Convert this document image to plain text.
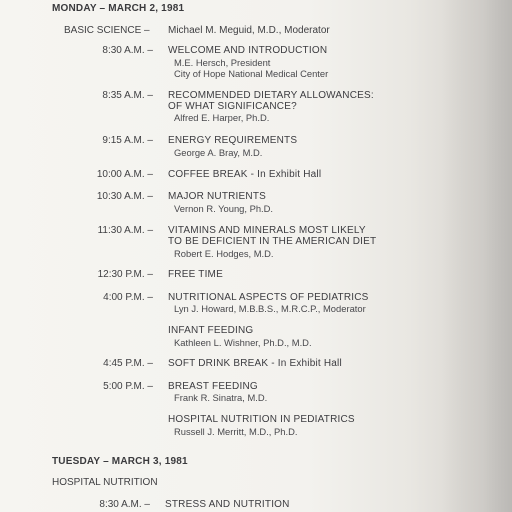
MONDAY – MARCH 2, 1981
BASIC SCIENCE – Michael M. Meguid, M.D., Moderator
8:30 A.M. – WELCOME AND INTRODUCTION
M.E. Hersch, President
City of Hope National Medical Center
8:35 A.M. – RECOMMENDED DIETARY ALLOWANCES:
OF WHAT SIGNIFICANCE?
Alfred E. Harper, Ph.D.
9:15 A.M. – ENERGY REQUIREMENTS
George A. Bray, M.D.
10:00 A.M. – COFFEE BREAK - In Exhibit Hall
10:30 A.M. – MAJOR NUTRIENTS
Vernon R. Young, Ph.D.
11:30 A.M. – VITAMINS AND MINERALS MOST LIKELY
TO BE DEFICIENT IN THE AMERICAN DIET
Robert E. Hodges, M.D.
12:30 P.M. – FREE TIME
4:00 P.M. – NUTRITIONAL ASPECTS OF PEDIATRICS
Lyn J. Howard, M.B.B.S., M.R.C.P., Moderator
INFANT FEEDING
Kathleen L. Wishner, Ph.D., M.D.
4:45 P.M. – SOFT DRINK BREAK - In Exhibit Hall
5:00 P.M. – BREAST FEEDING
Frank R. Sinatra, M.D.
HOSPITAL NUTRITION IN PEDIATRICS
Russell J. Merritt, M.D., Ph.D.
TUESDAY – MARCH 3, 1981
HOSPITAL NUTRITION
8:30 A.M. – STRESS AND NUTRITION
